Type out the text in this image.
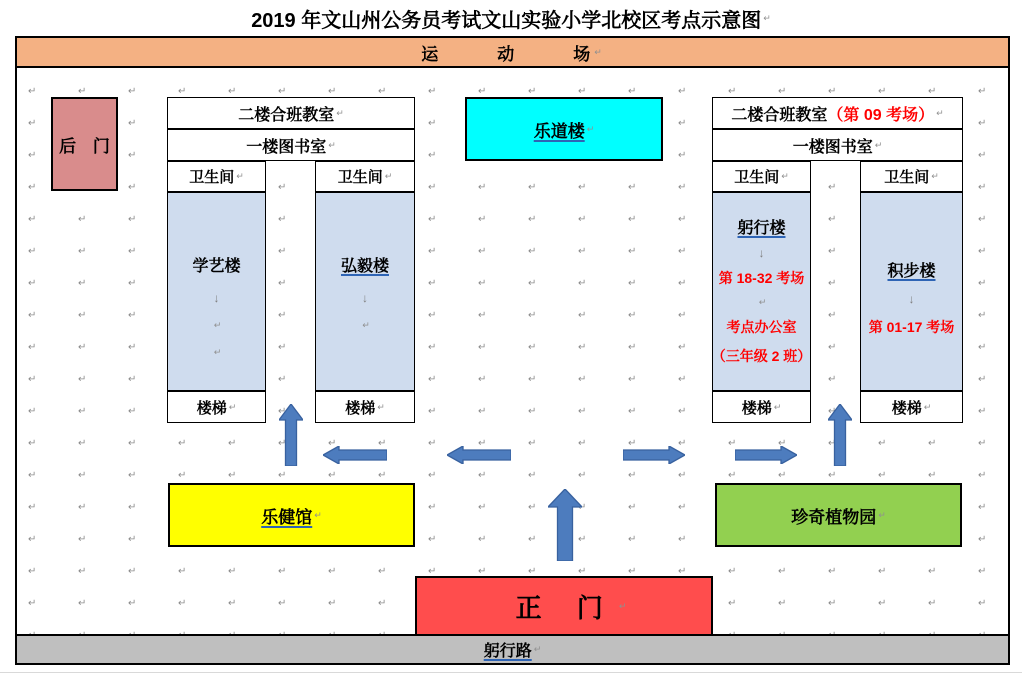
2019 年文山州公务员考试文山实验小学北校区考点示意图 ↵
运　　　动　　　场 ↵
后 门
二楼合班教室 ↵
一楼图书室 ↵
卫生间 ↵
学艺楼
↓
↵
↵
楼梯 ↵
卫生间 ↵
弘毅楼
↓
↵
楼梯 ↵
乐道楼 ↵
二楼合班教室 （第 09 考场） ↵
一楼图书室 ↵
卫生间 ↵
躬行楼
↓
第 18-32 考场
↵
考点办公室
（三年级 2 班）
楼梯 ↵
卫生间 ↵
积步楼
↓
第 01-17 考场
楼梯 ↵
乐健馆 ↵	珍奇植物园 ↵
正 门 ↵
躬行路 ↵
